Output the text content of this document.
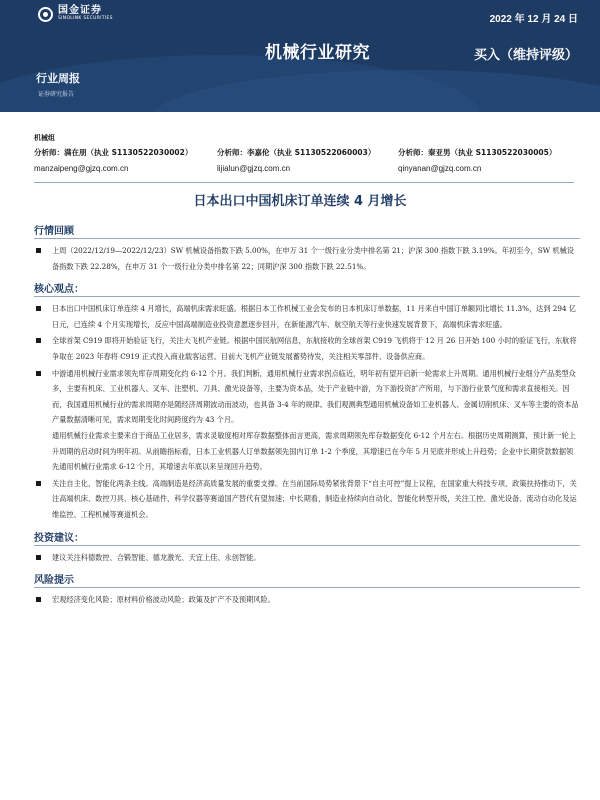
国金证券
SINOLINK SECURITIES	2022 年 12 月 24 日
机械行业研究	买入（维持评级）
行业周报
证券研究报告
机械组
分析师：满在朋（执业 S1130522030002）
manzaipeng@gjzq.com.cn
分析师：李嘉伦（执业 S1130522060003）
lijialun@gjzq.com.cn
分析师：秦亚男（执业 S1130522030005）
qinyanan@gjzq.com.cn
日本出口中国机床订单连续 4 月增长
行情回顾

上周（2022/12/19—2022/12/23）SW 机械设备指数下跌 5.00%，在申万 31 个一级行业分类中排名第 21；沪深 300 指数下跌 3.19%。年初至今，SW 机械设备指数下跌 22.28%，在申万 31 个一级行业分类中排名第 22；同期沪深 300 指数下跌 22.51%。

核心观点：

日本出口中国机床订单连续 4 月增长，高端机床需求旺盛。根据日本工作机械工业会发布的日本机床订单数据，11 月来自中国订单额同比增长 11.3%，达到 294 亿日元，已连续 4 个月实现增长，反应中国高端制造业投资意愿逐步回升，在新能源汽车、航空航天等行业快速发展背景下，高端机床需求旺盛。

全球首架 C919 即将开始验证飞行，关注大飞机产业链。根据中国民航网信息，东航接收的全球首架 C919 飞机将于 12 月 26 日开始 100 小时的验证飞行，东航将争取在 2023 年春将 C919 正式投入商业载客运营。目前大飞机产业链发展蓄势待发，关注相关零部件、设备供应商。

中游通用机械行业需求领先库存周期变化约 6-12 个月。我们判断，通用机械行业需求拐点临近，明年初有望开启新一轮需求上升周期。通用机械行业细分产品类型众多，主要有机床、工业机器人、叉车、注塑机、刀具、激光设备等，主要为资本品，处于产业链中游，为下游投资扩产所用，与下游行业景气度和需求直接相关。因而，我国通用机械行业的需求周期亦是随经济周期波动而波动，也具备 3-4 年的规律。我们观测典型通用机械设备如工业机器人、金属切削机床、叉车等主要的资本品产量数据清晰可见，需求周期变化时间跨度约为 43 个月。

通用机械行业需求主要来自于商品工业居多，需求灵敏度相对库存数据整体而言更高，需求周期领先库存数据变化 6-12 个月左右。根据历史周期测算，预计新一轮上升周期的启动时间为明年初。从前瞻指标看，日本工业机器人订单数据领先国内订单 1-2 个季度，其增速已在今年 5 月见底并形成上升趋势；企业中长期贷款数据领先通用机械行业需求 6-12 个月，其增速去年底以来呈现回升趋势。

关注自主化、智能化两条主线。高端制造是经济高质量发展的重要支撑。在当前国际局势紧张背景下“自主可控”提上议程，在国家重大科技专项、政策扶持推动下，关注高端机床、数控刀具、核心基础件、科学仪器等赛道国产替代有望加速；中长期看，制造业持续向自动化、智能化转型升级，关注工控、激光设备、流动自动化及运维监控、工程机械等赛道机会。

投资建议：

建议关注科德数控、合锻智能、德龙激光、天宜上佳、永创智能。

风险提示

宏观经济变化风险；原材料价格波动风险；政策及扩产不及预期风险。
